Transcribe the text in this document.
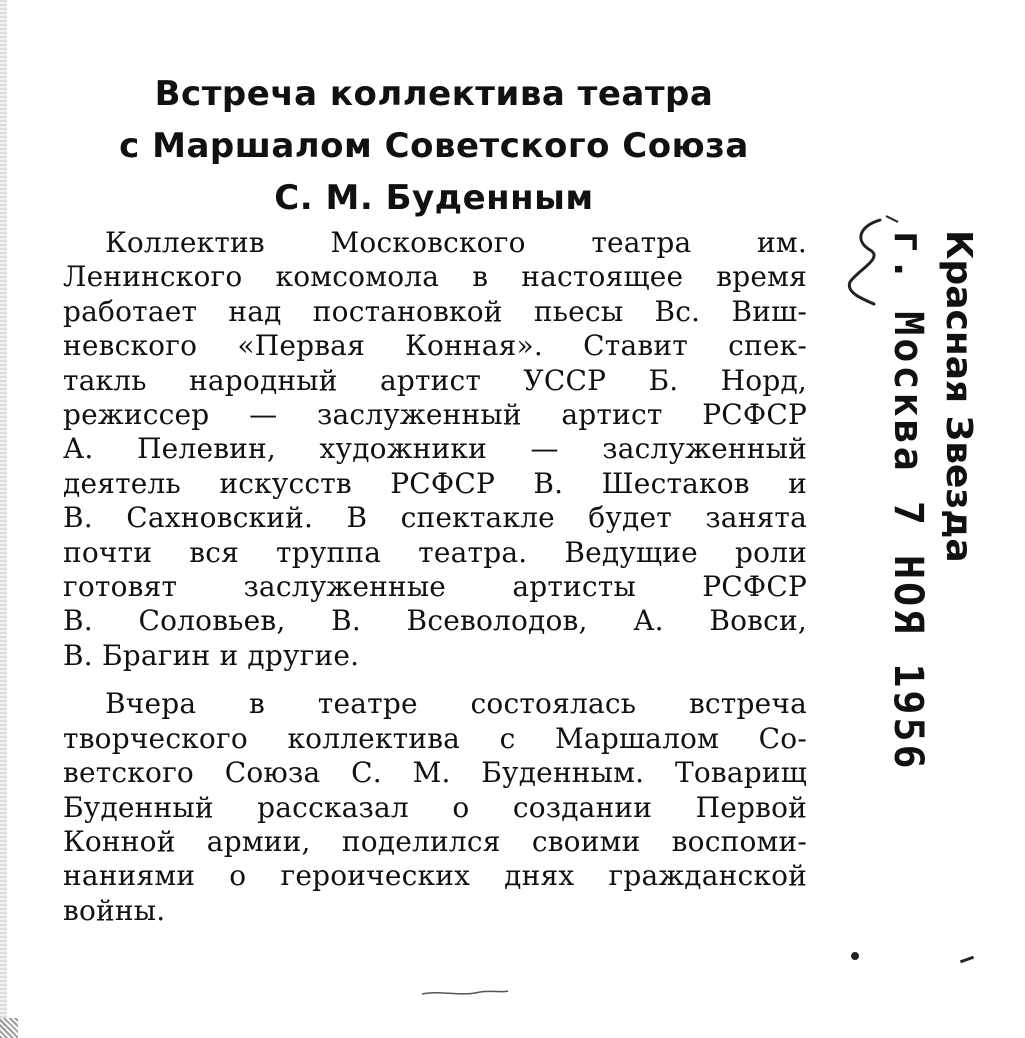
Встреча коллектива театра
с Маршалом Советского Союза
С. М. Буденным
Коллектив Московского театра им.
Ленинского комсомола в настоящее время
работает над постановкой пьесы Вс. Виш-
невского «Первая Конная». Ставит спек-
такль народный артист УССР Б. Норд,
режиссер — заслуженный артист РСФСР
А. Пелевин, художники — заслуженный
деятель искусств РСФСР В. Шестаков и
В. Сахновский. В спектакле будет занята
почти вся труппа театра. Ведущие роли
готовят заслуженные артисты РСФСР
В. Соловьев, В. Всеволодов, А. Вовси,
В. Брагин и другие.
Вчера в театре состоялась встреча
творческого коллектива с Маршалом Со-
ветского Союза С. М. Буденным. Товарищ
Буденный рассказал о создании Первой
Конной армии, поделился своими воспоми-
наниями о героических днях гражданской
войны.
Красная Звезда
г. Москва 7 НОЯ 1956
